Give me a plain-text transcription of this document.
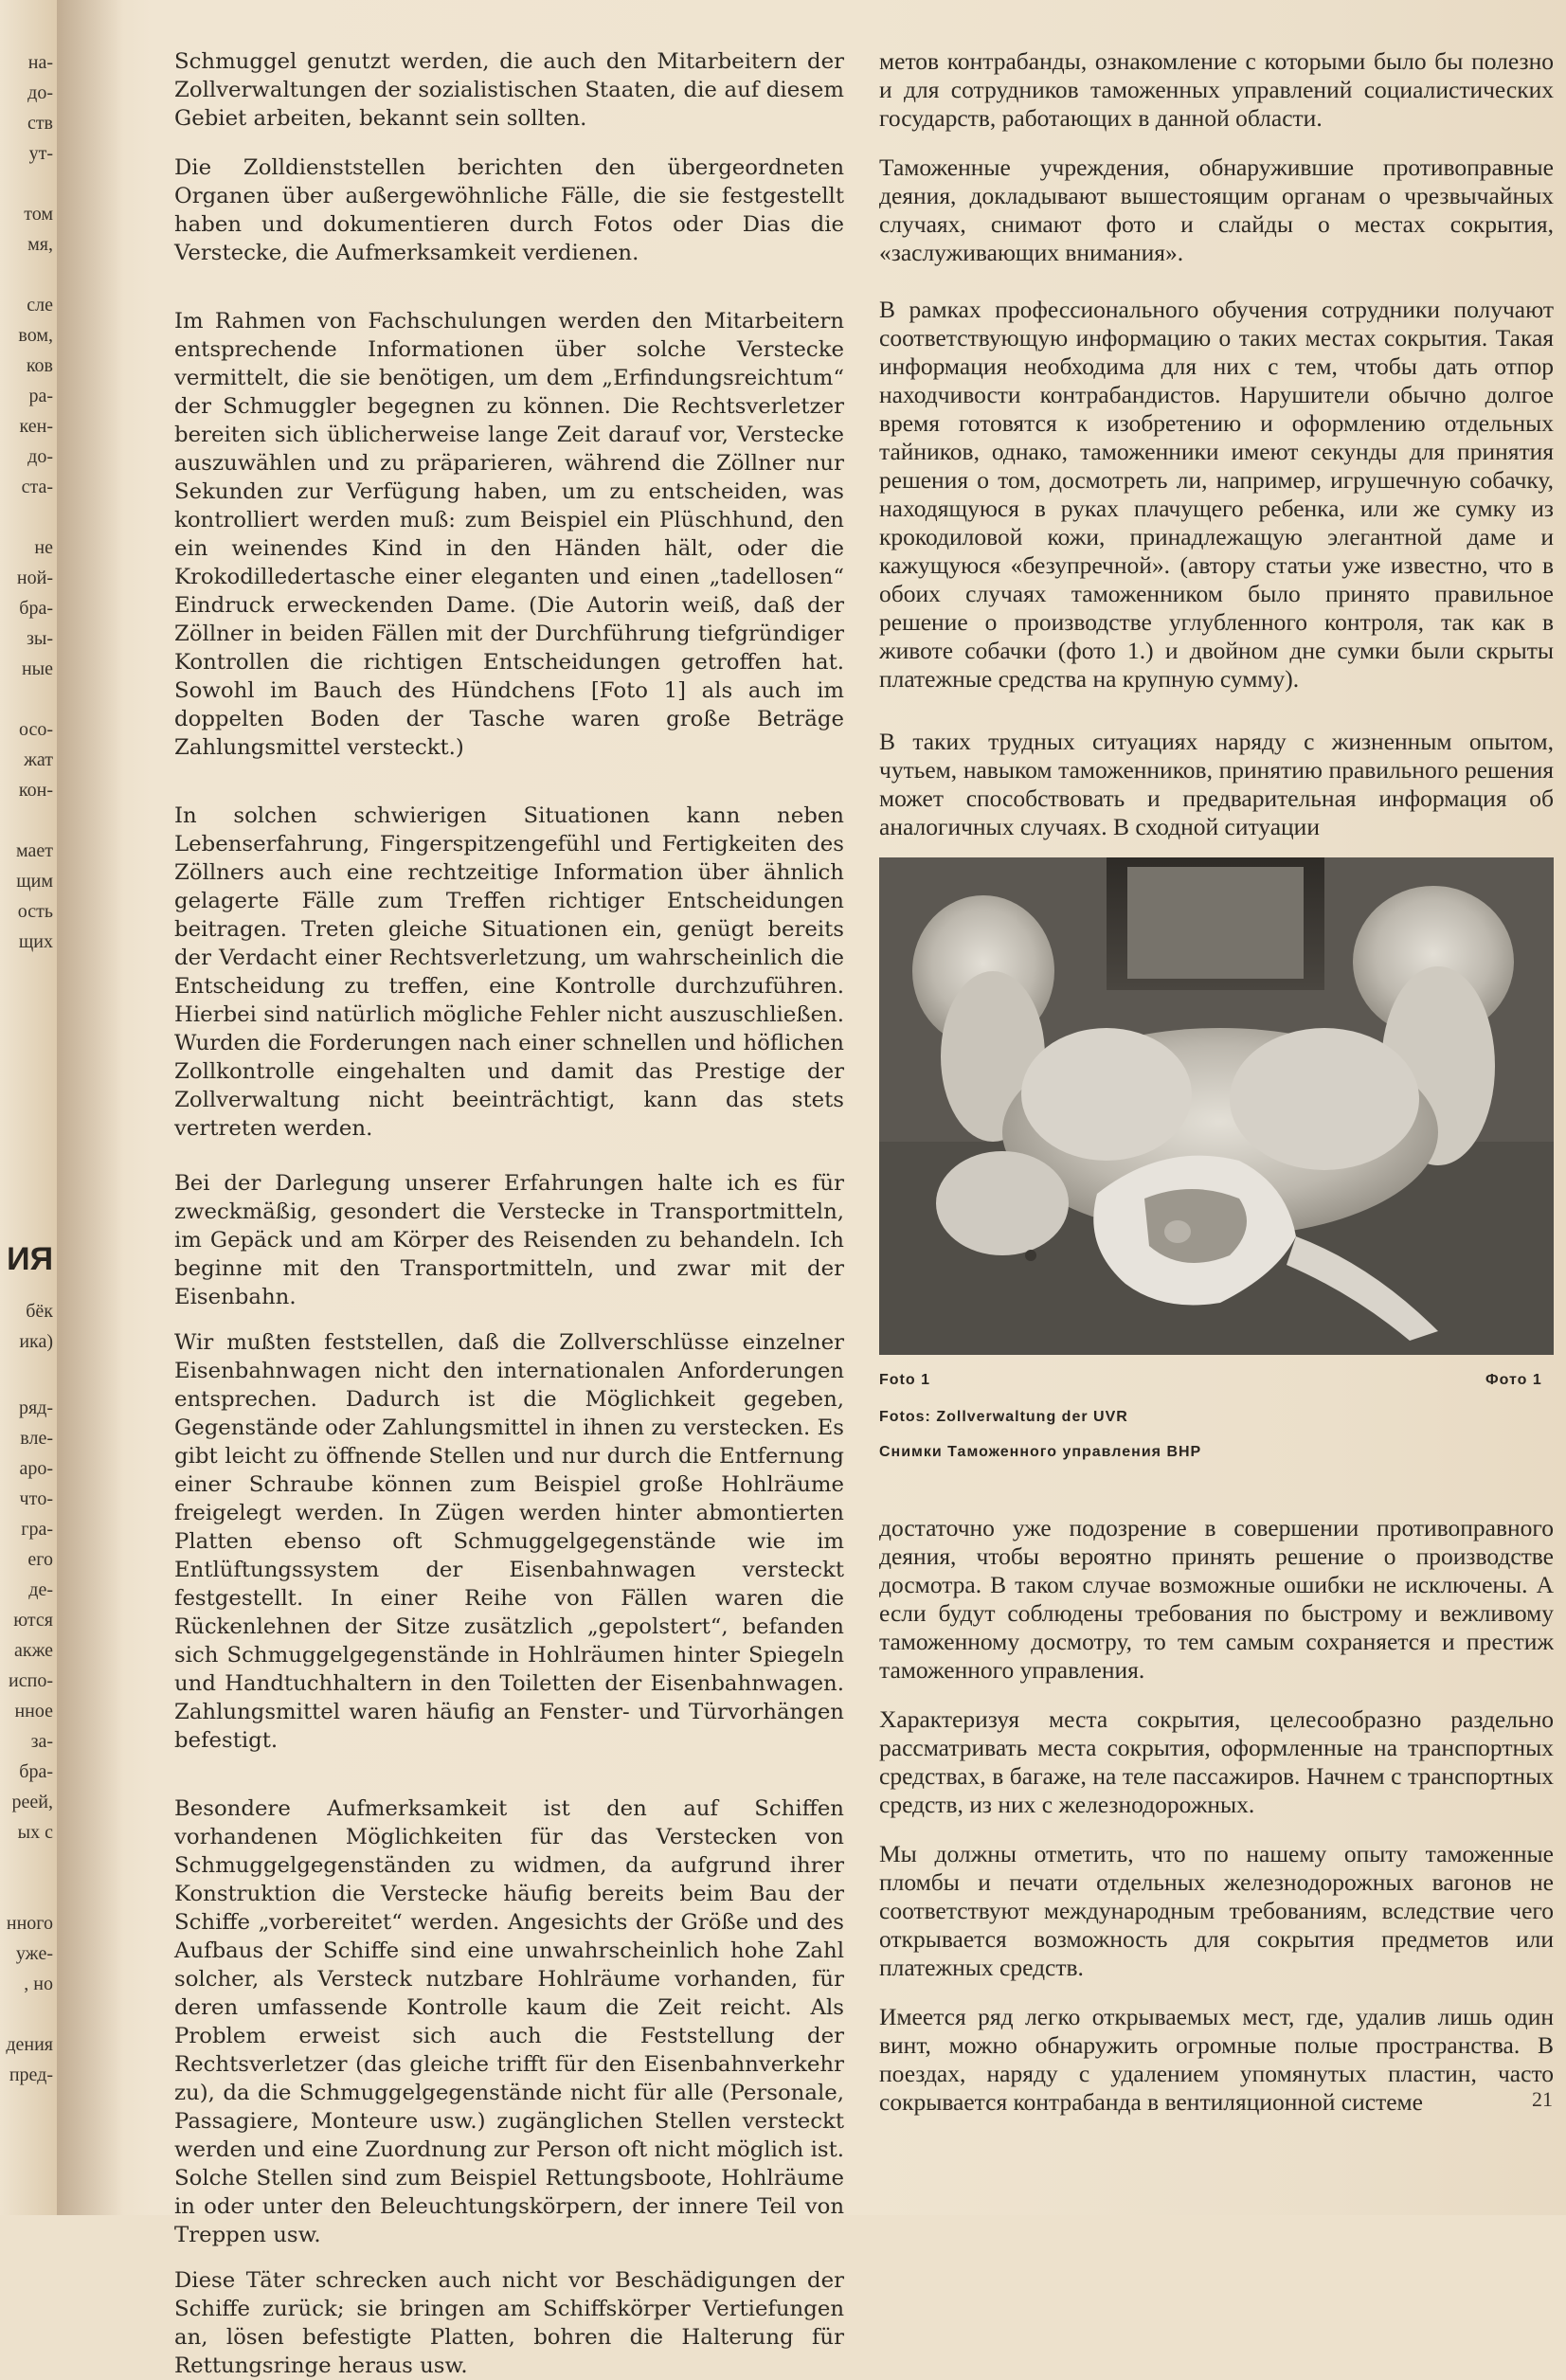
на-
до-
ств
ут-

том
мя,

сле
вом,
ков
ра-
кен-
до-
ста-

не
ной-
бра-
зы-
ные

осо-
жат
кон-

мает
щим
ость
щих
ИЯ
бёк
ика)
ряд-
вле-
аро-
чтo-
гра-
его
де-
ются
акже
испо-
нное
за-
бра-
реей,
ых с

нного
ужe-
, но

дения
пред-

Schmuggel genutzt werden, die auch den Mitarbeitern der Zollverwaltungen der sozialistischen Staaten, die auf diesem Gebiet arbeiten, bekannt sein sollten.

Die Zolldienststellen berichten den übergeordneten Organen über außergewöhnliche Fälle, die sie festgestellt haben und dokumentieren durch Fotos oder Dias die Verstecke, die Aufmerksamkeit verdienen.

Im Rahmen von Fachschulungen werden den Mitarbeitern entsprechende Informationen über solche Verstecke vermittelt, die sie benötigen, um dem „Erfindungsreichtum“ der Schmuggler begegnen zu können. Die Rechtsverletzer bereiten sich üblicherweise lange Zeit darauf vor, Verstecke auszuwählen und zu präparieren, während die Zöllner nur Sekunden zur Verfügung haben, um zu entscheiden, was kontrolliert werden muß: zum Beispiel ein Plüschhund, den ein weinendes Kind in den Händen hält, oder die Krokodilledertasche einer eleganten und einen „tadellosen“ Eindruck erweckenden Dame. (Die Autorin weiß, daß der Zöllner in beiden Fällen mit der Durchführung tiefgründiger Kontrollen die richtigen Entscheidungen getroffen hat. Sowohl im Bauch des Hündchens [Foto 1] als auch im doppelten Boden der Tasche waren große Beträge Zahlungsmittel versteckt.)

In solchen schwierigen Situationen kann neben Lebenserfahrung, Fingerspitzengefühl und Fertigkeiten des Zöllners auch eine rechtzeitige Information über ähnlich gelagerte Fälle zum Treffen richtiger Entscheidungen beitragen. Treten gleiche Situationen ein, genügt bereits der Verdacht einer Rechtsverletzung, um wahrscheinlich die Entscheidung zu treffen, eine Kontrolle durchzuführen. Hierbei sind natürlich mögliche Fehler nicht auszuschließen. Wurden die Forderungen nach einer schnellen und höflichen Zollkontrolle eingehalten und damit das Prestige der Zollverwaltung nicht beeinträchtigt, kann das stets vertreten werden.

Bei der Darlegung unserer Erfahrungen halte ich es für zweckmäßig, gesondert die Verstecke in Transportmitteln, im Gepäck und am Körper des Reisenden zu behandeln. Ich beginne mit den Transportmitteln, und zwar mit der Eisenbahn.

Wir mußten feststellen, daß die Zollverschlüsse einzelner Eisenbahnwagen nicht den internationalen Anforderungen entsprechen. Dadurch ist die Möglichkeit gegeben, Gegenstände oder Zahlungsmittel in ihnen zu verstecken. Es gibt leicht zu öffnende Stellen und nur durch die Entfernung einer Schraube können zum Beispiel große Hohlräume freigelegt werden. In Zügen werden hinter abmontierten Platten ebenso oft Schmuggelgegenstände wie im Entlüftungssystem der Eisenbahnwagen versteckt festgestellt. In einer Reihe von Fällen waren die Rückenlehnen der Sitze zusätzlich „gepolstert“, befanden sich Schmuggelgegenstände in Hohlräumen hinter Spiegeln und Handtuchhaltern in den Toiletten der Eisenbahnwagen. Zahlungsmittel waren häufig an Fenster- und Türvorhängen befestigt.

Besondere Aufmerksamkeit ist den auf Schiffen vorhandenen Möglichkeiten für das Verstecken von Schmuggelgegenständen zu widmen, da aufgrund ihrer Konstruktion die Verstecke häufig bereits beim Bau der Schiffe „vorbereitet“ werden. Angesichts der Größe und des Aufbaus der Schiffe sind eine unwahrscheinlich hohe Zahl solcher, als Versteck nutzbare Hohlräume vorhanden, für deren umfassende Kontrolle kaum die Zeit reicht. Als Problem erweist sich auch die Feststellung der Rechtsverletzer (das gleiche trifft für den Eisenbahnverkehr zu), da die Schmuggelgegenstände nicht für alle (Personale, Passagiere, Monteure usw.) zugänglichen Stellen versteckt werden und eine Zuordnung zur Person oft nicht möglich ist. Solche Stellen sind zum Beispiel Rettungsboote, Hohlräume in oder unter den Beleuchtungskörpern, der innere Teil von Treppen usw.

Diese Täter schrecken auch nicht vor Beschädigungen der Schiffe zurück; sie bringen am Schiffskörper Vertiefungen an, lösen befestigte Platten, bohren die Halterung für Rettungsringe heraus usw.

метов контрабанды, ознакомление с которыми было бы полезно и для сотрудников таможенных управлений социалистических государств, работающих в данной области.

Таможенные учреждения, обнаружившие противоправные деяния, докладывают вышестоящим органам о чрезвычайных случаях, снимают фото и слайды о местах сокрытия, «заслуживающих внимания».

В рамках профессионального обучения сотрудники получают соответствующую информацию о таких местах сокрытия. Такая информация необходима для них с тем, чтобы дать отпор находчивости контрабандистов. Нарушители обычно долгое время готовятся к изобретению и оформлению отдельных тайников, однако, таможенники имеют секунды для принятия решения о том, досмотреть ли, например, игрушечную собачку, находящуюся в руках плачущего ребенка, или же сумку из крокодиловой кожи, принадлежащую элегантной даме и кажущуюся «безупречной». (автору статьи уже известно, что в обоих случаях таможенником было принято правильное решение о производстве углубленного контроля, так как в животе собачки (фото 1.) и двойном дне сумки были скрыты платежные средства на крупную сумму).

В таких трудных ситуациях наряду с жизненным опытом, чутьем, навыком таможенников, принятию правильного решения может способствовать и предварительная информация об аналогичных случаях. В сходной ситуации

Foto 1	Фото 1
Fotos: Zollverwaltung der UVR
Снимки Таможенного управления ВНР

достаточно уже подозрение в совершении противоправного деяния, чтобы вероятно принять решение о производстве досмотра. В таком случае возможные ошибки не исключены. А если будут соблюдены требования по быстрому и вежливому таможенному досмотру, то тем самым сохраняется и престиж таможенного управления.

Характеризуя места сокрытия, целесообразно раздельно рассматривать места сокрытия, оформленные на транспортных средствах, в багаже, на теле пассажиров. Начнем с транспортных средств, из них с железнодорожных.

Мы должны отметить, что по нашему опыту таможенные пломбы и печати отдельных железнодорожных вагонов не соответствуют международным требованиям, вследствие чего открывается возможность для сокрытия предметов или платежных средств.

Имеется ряд легко открываемых мест, где, удалив лишь один винт, можно обнаружить огромные полые пространства. В поездах, наряду с удалением упомянутых пластин, часто сокрывается контрабанда в вентиляционной системе	21
